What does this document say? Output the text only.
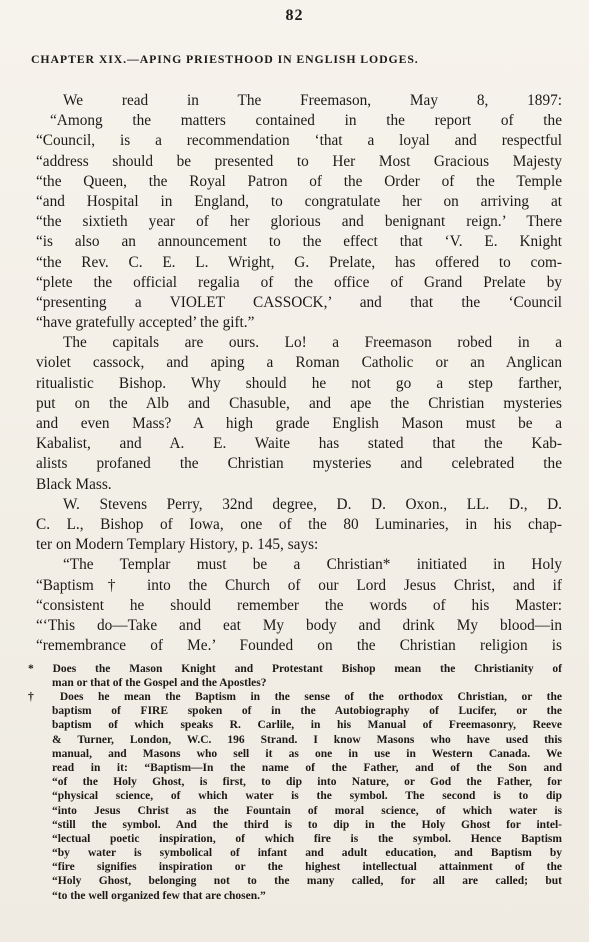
82
CHAPTER XIX.—APING PRIESTHOOD IN ENGLISH LODGES.
We read in The Freemason, May 8, 1897:
“Among the matters contained in the report of the
“Council, is a recommendation ‘that a loyal and respectful
“address should be presented to Her Most Gracious Majesty
“the Queen, the Royal Patron of the Order of the Temple
“and Hospital in England, to congratulate her on arriving at
“the sixtieth year of her glorious and benignant reign.’ There
“is also an announcement to the effect that ‘V. E. Knight
“the Rev. C. E. L. Wright, G. Prelate, has offered to com-
“plete the official regalia of the office of Grand Prelate by
“presenting a VIOLET CASSOCK,’ and that the ‘Council
“have gratefully accepted’ the gift.”
The capitals are ours. Lo! a Freemason robed in a
violet cassock, and aping a Roman Catholic or an Anglican
ritualistic Bishop. Why should he not go a step farther,
put on the Alb and Chasuble, and ape the Christian mysteries
and even Mass? A high grade English Mason must be a
Kabalist, and A. E. Waite has stated that the Kab-
alists profaned the Christian mysteries and celebrated the
Black Mass.
W. Stevens Perry, 32nd degree, D. D. Oxon., LL. D., D.
C. L., Bishop of Iowa, one of the 80 Luminaries, in his chap-
ter on Modern Templary History, p. 145, says:
“The Templar must be a Christian* initiated in Holy
“Baptism† into the Church of our Lord Jesus Christ, and if
“consistent he should remember the words of his Master:
“‘This do—Take and eat My body and drink My blood—in
“remembrance of Me.’ Founded on the Christian religion is
* Does the Mason Knight and Protestant Bishop mean the Christianity of
man or that of the Gospel and the Apostles?
† Does he mean the Baptism in the sense of the orthodox Christian, or the
baptism of FIRE spoken of in the Autobiography of Lucifer, or the
baptism of which speaks R. Carlile, in his Manual of Freemasonry, Reeve
& Turner, London, W.C. 196 Strand. I know Masons who have used this
manual, and Masons who sell it as one in use in Western Canada. We
read in it: “Baptism—In the name of the Father, and of the Son and
“of the Holy Ghost, is first, to dip into Nature, or God the Father, for
“physical science, of which water is the symbol. The second is to dip
“into Jesus Christ as the Fountain of moral science, of which water is
“still the symbol. And the third is to dip in the Holy Ghost for intel-
“lectual poetic inspiration, of which fire is the symbol. Hence Baptism
“by water is symbolical of infant and adult education, and Baptism by
“fire signifies inspiration or the highest intellectual attainment of the
“Holy Ghost, belonging not to the many called, for all are called; but
“to the well organized few that are chosen.”
